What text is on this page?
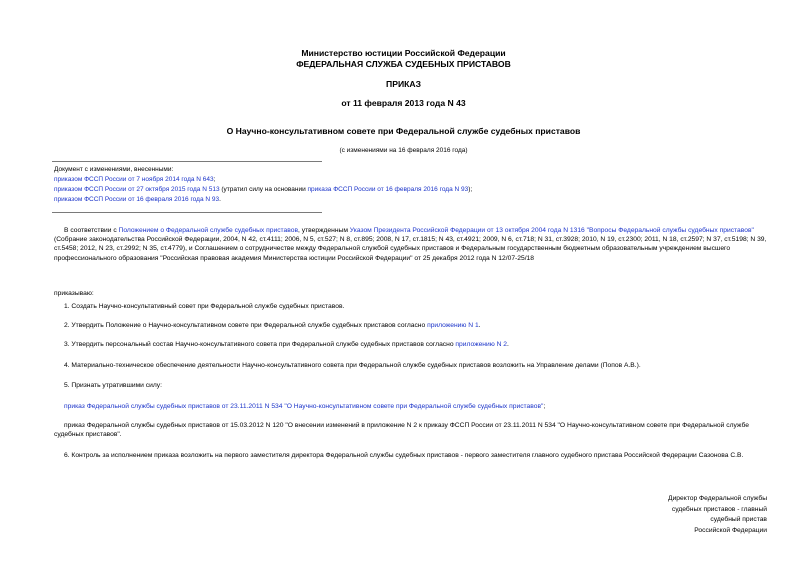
Министерство юстиции Российской Федерации
ФЕДЕРАЛЬНАЯ СЛУЖБА СУДЕБНЫХ ПРИСТАВОВ
ПРИКАЗ
от 11 февраля 2013 года N 43
О Научно-консультативном совете при Федеральной службе судебных приставов
(с изменениями на 16 февраля 2016 года)
Документ с изменениями, внесенными:
приказом ФССП России от 7 ноября 2014 года N 643;
приказом ФССП России от 27 октября 2015 года N 513 (утратил силу на основании приказа ФССП России от 16 февраля 2016 года N 93);
приказом ФССП России от 16 февраля 2016 года N 93.
В соответствии с Положением о Федеральной службе судебных приставов, утвержденным Указом Президента Российской Федерации от 13 октября 2004 года N 1316 "Вопросы Федеральной службы судебных приставов" (Собрание законодательства Российской Федерации, 2004, N 42, ст.4111; 2006, N 5, ст.527; N 8, ст.895; 2008, N 17, ст.1815; N 43, ст.4921; 2009, N 6, ст.718; N 31, ст.3928; 2010, N 19, ст.2300; 2011, N 18, ст.2597; N 37, ст.5198; N 39, ст.5458; 2012, N 23, ст.2992; N 35, ст.4779), и Соглашением о сотрудничестве между Федеральной службой судебных приставов и Федеральным государственным бюджетным образовательным учреждением высшего профессионального образования "Российская правовая академия Министерства юстиции Российской Федерации" от 25 декабря 2012 года N 12/07-25/18
приказываю:
1. Создать Научно-консультативный совет при Федеральной службе судебных приставов.
2. Утвердить Положение о Научно-консультативном совете при Федеральной службе судебных приставов согласно приложению N 1.
3. Утвердить персональный состав Научно-консультативного совета при Федеральной службе судебных приставов согласно приложению N 2.
4. Материально-техническое обеспечение деятельности Научно-консультативного совета при Федеральной службе судебных приставов возложить на Управление делами (Попов А.В.).
5. Признать утратившими силу:
приказ Федеральной службы судебных приставов от 23.11.2011 N 534 "О Научно-консультативном совете при Федеральной службе судебных приставов";
приказ Федеральной службы судебных приставов от 15.03.2012 N 120 "О внесении изменений в приложение N 2 к приказу ФССП России от 23.11.2011 N 534 "О Научно-консультативном совете при Федеральной службе судебных приставов".
6. Контроль за исполнением приказа возложить на первого заместителя директора Федеральной службы судебных приставов - первого заместителя главного судебного пристава Российской Федерации Сазонова С.В.
Директор Федеральной службы
судебных приставов - главный
судебный пристав
Российской Федерации
